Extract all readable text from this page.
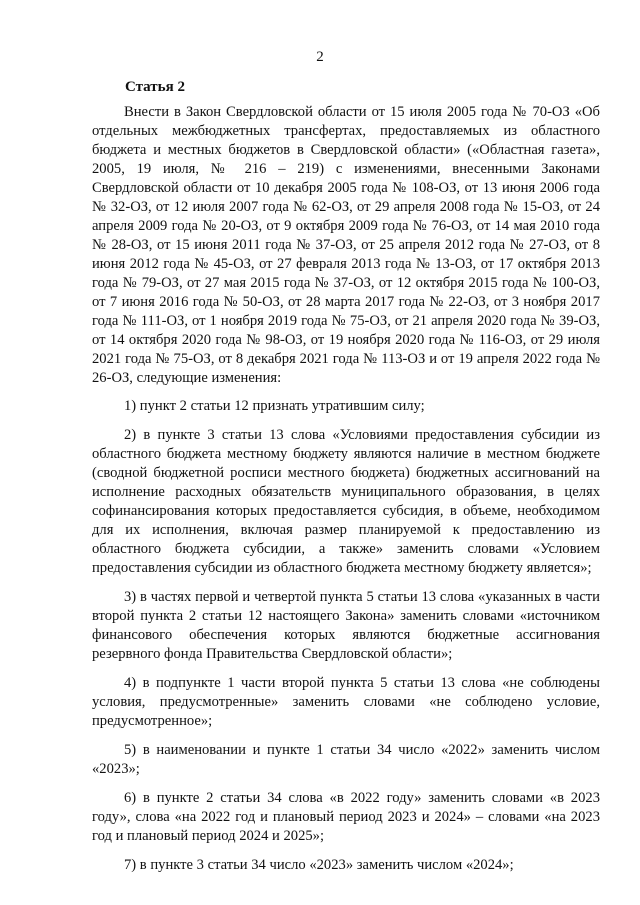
2
Статья 2

Внести в Закон Свердловской области от 15 июля 2005 года № 70-ОЗ «Об отдельных межбюджетных трансфертах, предоставляемых из областного бюджета и местных бюджетов в Свердловской области» («Областная газета», 2005, 19 июля, № 216 – 219) с изменениями, внесенными Законами Свердловской области от 10 декабря 2005 года № 108-ОЗ, от 13 июня 2006 года № 32-ОЗ, от 12 июля 2007 года № 62-ОЗ, от 29 апреля 2008 года № 15-ОЗ, от 24 апреля 2009 года № 20-ОЗ, от 9 октября 2009 года № 76-ОЗ, от 14 мая 2010 года № 28-ОЗ, от 15 июня 2011 года № 37-ОЗ, от 25 апреля 2012 года № 27-ОЗ, от 8 июня 2012 года № 45-ОЗ, от 27 февраля 2013 года № 13-ОЗ, от 17 октября 2013 года № 79-ОЗ, от 27 мая 2015 года № 37-ОЗ, от 12 октября 2015 года № 100-ОЗ, от 7 июня 2016 года № 50-ОЗ, от 28 марта 2017 года № 22-ОЗ, от 3 ноября 2017 года № 111-ОЗ, от 1 ноября 2019 года № 75-ОЗ, от 21 апреля 2020 года № 39-ОЗ, от 14 октября 2020 года № 98-ОЗ, от 19 ноября 2020 года № 116-ОЗ, от 29 июля 2021 года № 75-ОЗ, от 8 декабря 2021 года № 113-ОЗ и от 19 апреля 2022 года № 26-ОЗ, следующие изменения:

1) пункт 2 статьи 12 признать утратившим силу;

2) в пункте 3 статьи 13 слова «Условиями предоставления субсидии из областного бюджета местному бюджету являются наличие в местном бюджете (сводной бюджетной росписи местного бюджета) бюджетных ассигнований на исполнение расходных обязательств муниципального образования, в целях софинансирования которых предоставляется субсидия, в объеме, необходимом для их исполнения, включая размер планируемой к предоставлению из областного бюджета субсидии, а также» заменить словами «Условием предоставления субсидии из областного бюджета местному бюджету является»;

3) в частях первой и четвертой пункта 5 статьи 13 слова «указанных в части второй пункта 2 статьи 12 настоящего Закона» заменить словами «источником финансового обеспечения которых являются бюджетные ассигнования резервного фонда Правительства Свердловской области»;

4) в подпункте 1 части второй пункта 5 статьи 13 слова «не соблюдены условия, предусмотренные» заменить словами «не соблюдено условие, предусмотренное»;

5) в наименовании и пункте 1 статьи 34 число «2022» заменить числом «2023»;

6) в пункте 2 статьи 34 слова «в 2022 году» заменить словами «в 2023 году», слова «на 2022 год и плановый период 2023 и 2024» – словами «на 2023 год и плановый период 2024 и 2025»;

7) в пункте 3 статьи 34 число «2023» заменить числом «2024»;
